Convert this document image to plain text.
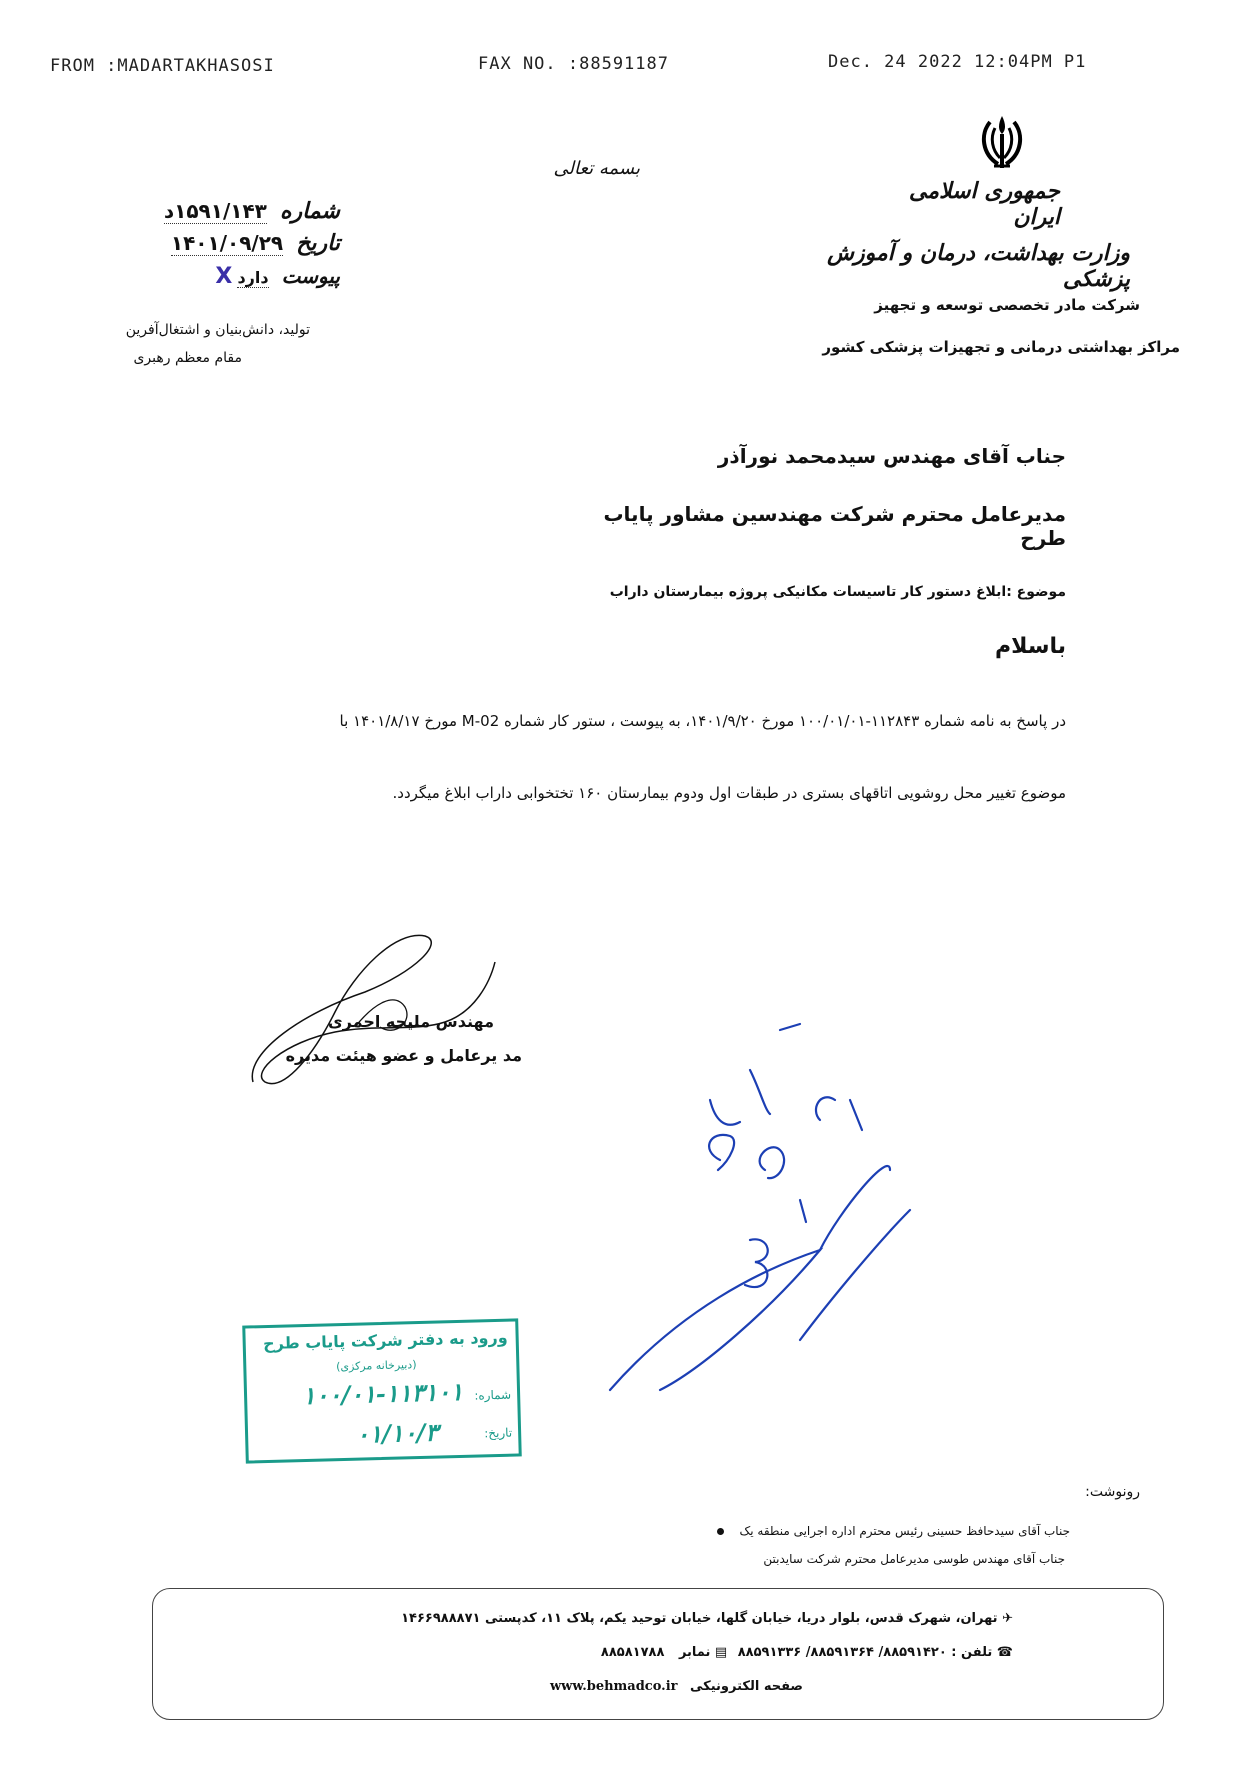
FROM :MADARTAKHASOSI	FAX NO. :88591187	Dec. 24 2022 12:04PM P1
بسمه تعالی
جمهوری اسلامی ایران
وزارت بهداشت، درمان و آموزش پزشکی
شرکت مادر تخصصی توسعه و تجهیز
مراکز بهداشتی درمانی و تجهیزات پزشکی کشور
شماره ۱۵۹۱/۱۴۳د
تاریخ ۱۴۰۱/۰۹/۲۹
X پیوست دارد
تولید، دانش‌بنیان و اشتغال‌آفرین
مقام معظم رهبری
جناب آقای مهندس سیدمحمد نورآذر
مدیرعامل محترم شرکت مهندسین مشاور پایاب طرح
موضوع :ابلاغ دستور کار تاسیسات مکانیکی پروژه بیمارستان داراب
باسلام
در پاسخ به نامه شماره ۱۱۲۸۴۳-۱۰۰/۰۱/۰۱ مورخ ۱۴۰۱/۹/۲۰، به پیوست ، ستور کار شماره M-02 مورخ ۱۴۰۱/۸/۱۷ با
موضوع تغییر محل روشویی اتاقهای بستری در طبقات اول ودوم بیمارستان ۱۶۰ تختخوابی داراب ابلاغ میگردد.
مهندس ملیحه احمری
مد یرعامل و عضو هیئت مدیره
ورود به دفتر شرکت پایاب طرح
(دبیرخانه مرکزی)
شماره:
۱۰۰/۰۱-۱۱۳۱۰۱
تاریخ:
۰۱/۱۰/۳
رونوشت:
جناب آقای سیدحافظ حسینی رئیس محترم اداره اجرایی منطقه یک
جناب آقای مهندس طوسی مدیرعامل محترم شرکت سایدبتن
✈ تهران، شهرک قدس، بلوار دریا، خیابان گلها، خیابان توحید یکم، پلاک ۱۱، کدپستی ۱۴۶۶۹۸۸۸۷۱
☎ تلفن : ۸۸۵۹۱۴۲۰/ ۸۸۵۹۱۳۶۴/ ۸۸۵۹۱۳۳۶ ▤ نمابر ۸۸۵۸۱۷۸۸
صفحه الکترونیکی www.behmadco.ir
